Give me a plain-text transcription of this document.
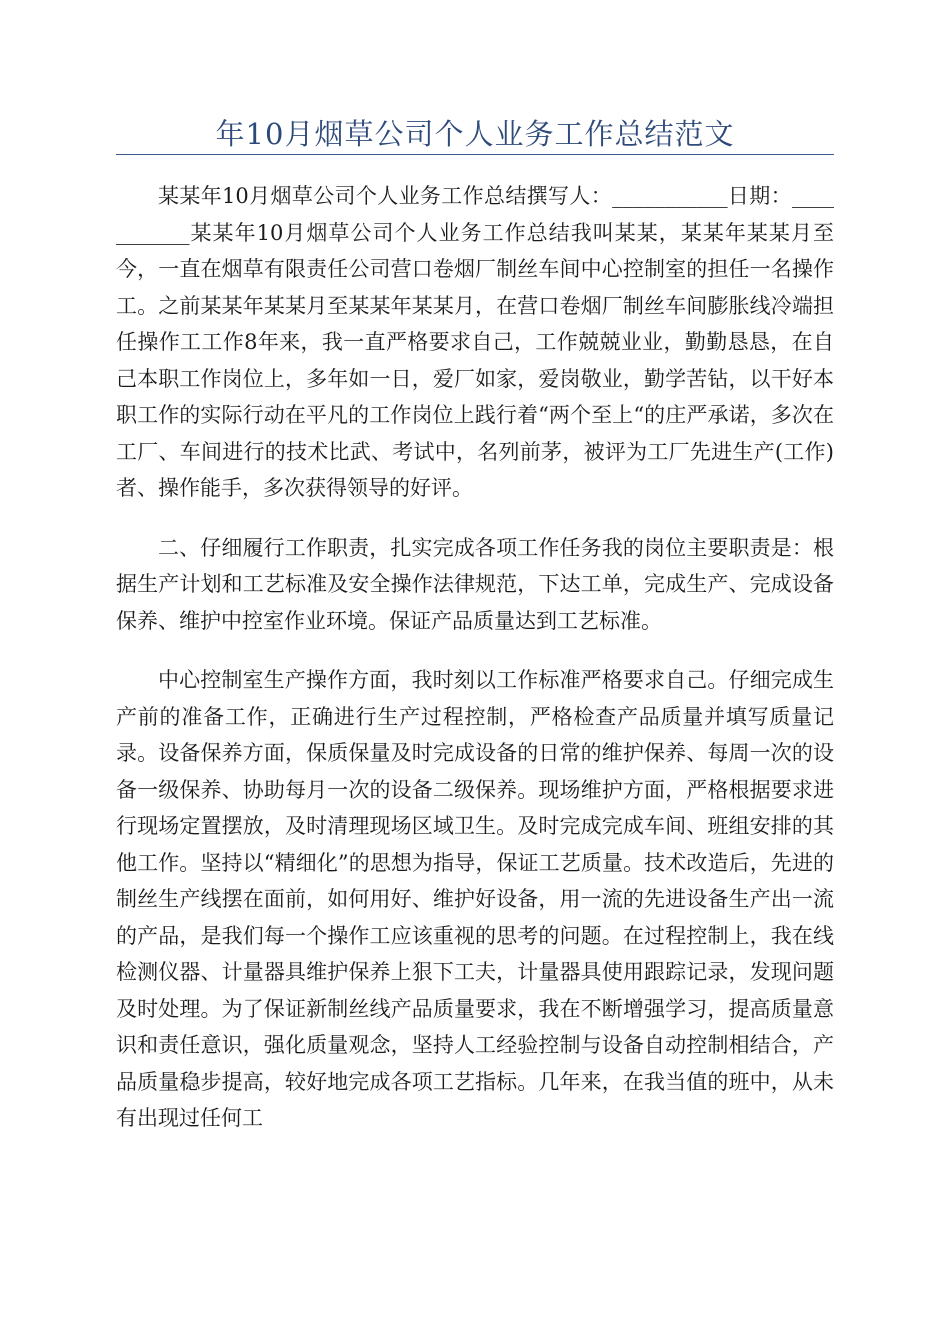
年10月烟草公司个人业务工作总结范文

某某年10月烟草公司个人业务工作总结撰写人：___________日期：___________某某年10月烟草公司个人业务工作总结我叫某某，某某年某某月至今，一直在烟草有限责任公司营口卷烟厂制丝车间中心控制室的担任一名操作工。之前某某年某某月至某某年某某月，在营口卷烟厂制丝车间膨胀线冷端担任操作工工作8年来，我一直严格要求自己，工作兢兢业业，勤勤恳恳，在自己本职工作岗位上，多年如一日，爱厂如家，爱岗敬业，勤学苦钻，以干好本职工作的实际行动在平凡的工作岗位上践行着“两个至上“的庄严承诺，多次在工厂、车间进行的技术比武、考试中，名列前茅，被评为工厂先进生产(工作)者、操作能手，多次获得领导的好评。

二、仔细履行工作职责，扎实完成各项工作任务我的岗位主要职责是：根据生产计划和工艺标准及安全操作法律规范，下达工单，完成生产、完成设备保养、维护中控室作业环境。保证产品质量达到工艺标准。

中心控制室生产操作方面，我时刻以工作标准严格要求自己。仔细完成生产前的准备工作，正确进行生产过程控制，严格检查产品质量并填写质量记录。设备保养方面，保质保量及时完成设备的日常的维护保养、每周一次的设备一级保养、协助每月一次的设备二级保养。现场维护方面，严格根据要求进行现场定置摆放，及时清理现场区域卫生。及时完成完成车间、班组安排的其他工作。坚持以“精细化”的思想为指导，保证工艺质量。技术改造后，先进的制丝生产线摆在面前，如何用好、维护好设备，用一流的先进设备生产出一流的产品，是我们每一个操作工应该重视的思考的问题。在过程控制上，我在线检测仪器、计量器具维护保养上狠下工夫，计量器具使用跟踪记录，发现问题及时处理。为了保证新制丝线产品质量要求，我在不断增强学习，提高质量意识和责任意识，强化质量观念，坚持人工经验控制与设备自动控制相结合，产品质量稳步提高，较好地完成各项工艺指标。几年来，在我当值的班中，从未有出现过任何工
